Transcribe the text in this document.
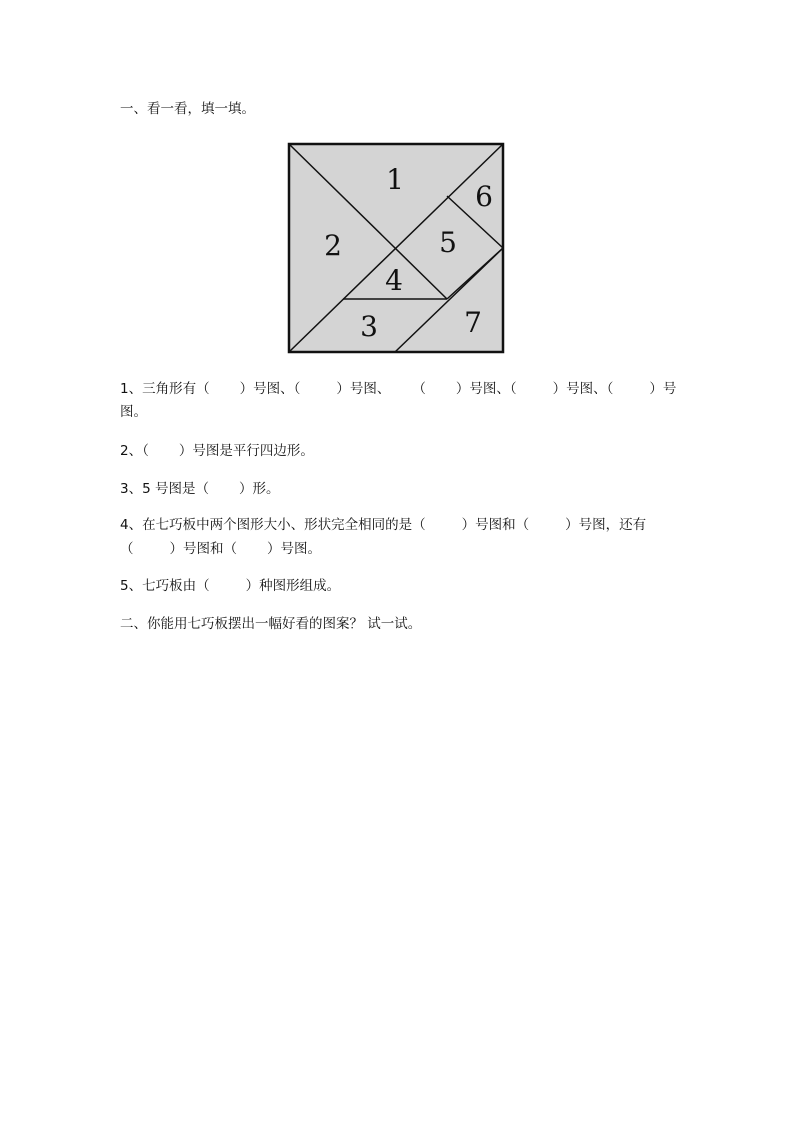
一、看一看，填一填。
1
2
3
4
5
6
7
1、三角形有（ ）号图、（	）号图、 （ ）号图、（	）号图、（	）号
图。
2、（ ）号图是平行四边形。
3、5 号图是（ ）形。
4、在七巧板中两个图形大小、形状完全相同的是（	）号图和（	）号图，还有
（	）号图和（ ）号图。
5、七巧板由（	）种图形组成。
二、你能用七巧板摆出一幅好看的图案？ 试一试。
